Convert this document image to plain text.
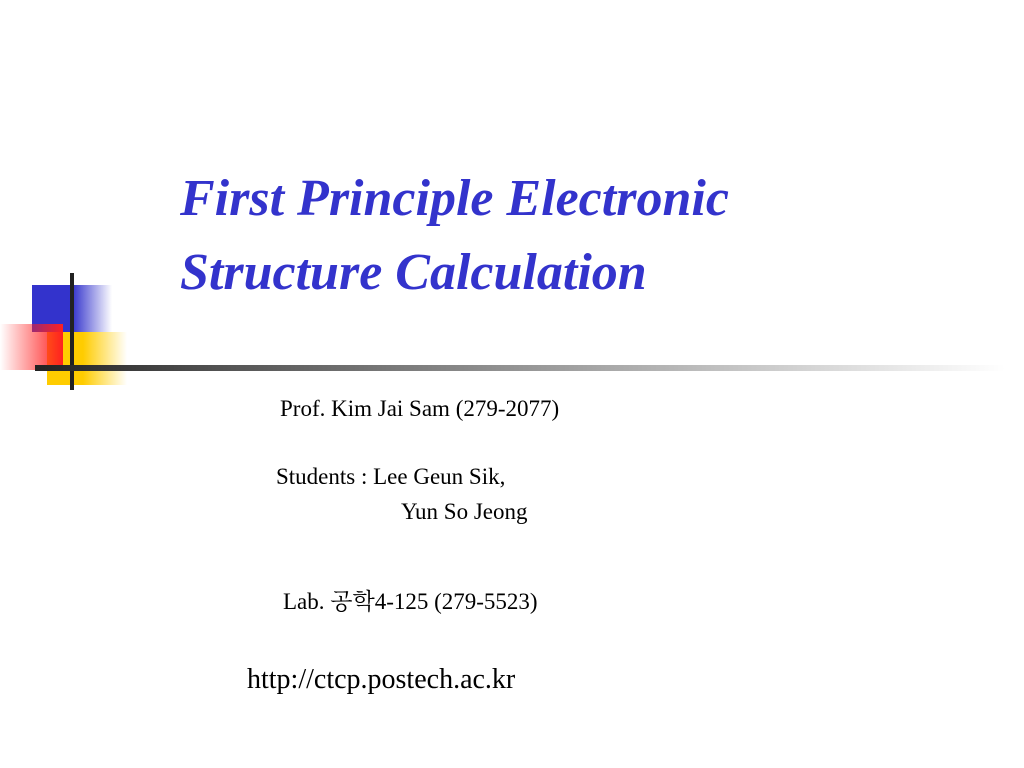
First Principle Electronic
Structure Calculation
Prof. Kim Jai Sam (279-2077)
Students : Lee Geun Sik,
Yun So Jeong
Lab. 공학4-125 (279-5523)
http://ctcp.postech.ac.kr
